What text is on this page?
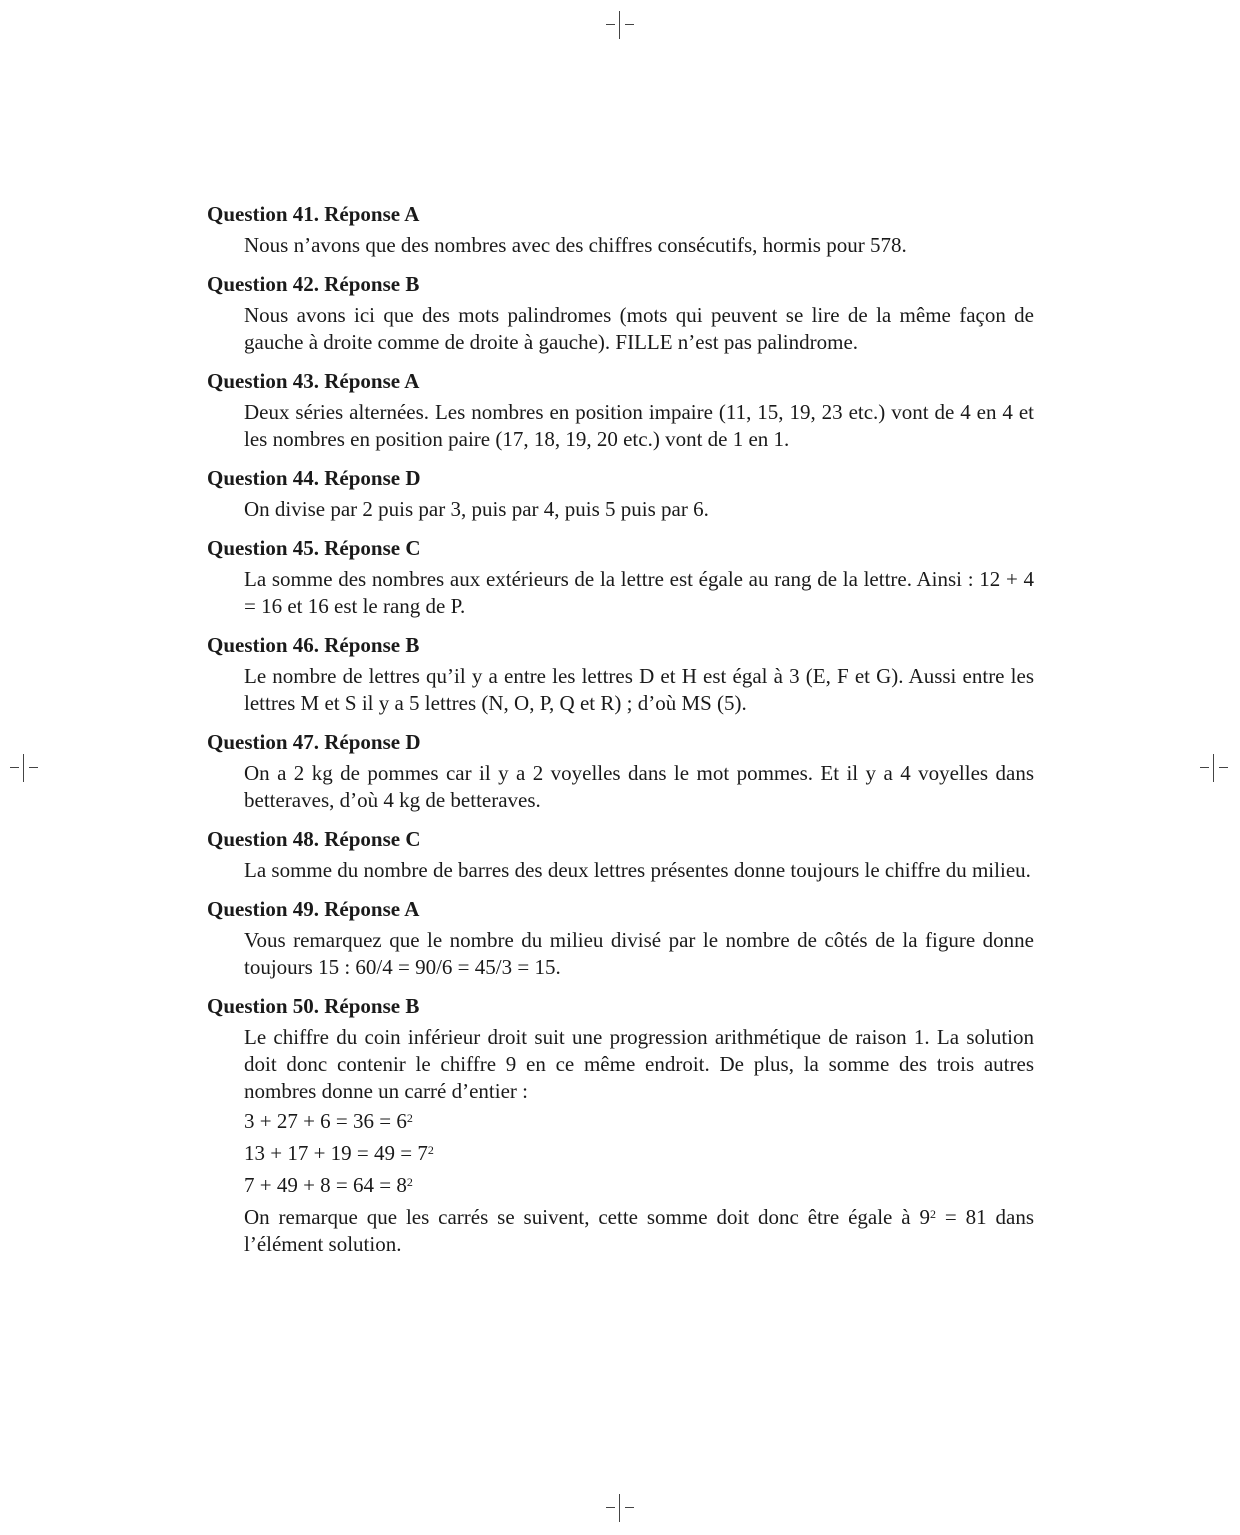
Question 41. Réponse A
Nous n’avons que des nombres avec des chiffres consécutifs, hormis pour 578.
Question 42. Réponse B
Nous avons ici que des mots palindromes (mots qui peuvent se lire de la même façon de gauche à droite comme de droite à gauche). FILLE n’est pas palindrome.
Question 43. Réponse A
Deux séries alternées. Les nombres en position impaire (11, 15, 19, 23 etc.) vont de 4 en 4 et les nombres en position paire (17, 18, 19, 20 etc.) vont de 1 en 1.
Question 44. Réponse D
On divise par 2 puis par 3, puis par 4, puis 5 puis par 6.
Question 45. Réponse C
La somme des nombres aux extérieurs de la lettre est égale au rang de la lettre. Ainsi : 12 + 4 = 16 et 16 est le rang de P.
Question 46. Réponse B
Le nombre de lettres qu’il y a entre les lettres D et H est égal à 3 (E, F et G). Aussi entre les lettres M et S il y a 5 lettres (N, O, P, Q et R) ; d’où MS (5).
Question 47. Réponse D
On a 2 kg de pommes car il y a 2 voyelles dans le mot pommes. Et il y a 4 voyelles dans betteraves, d’où 4 kg de betteraves.
Question 48. Réponse C
La somme du nombre de barres des deux lettres présentes donne toujours le chiffre du milieu.
Question 49. Réponse A
Vous remarquez que le nombre du milieu divisé par le nombre de côtés de la figure donne toujours 15 : 60/4 = 90/6 = 45/3 = 15.
Question 50. Réponse B
Le chiffre du coin inférieur droit suit une progression arithmétique de raison 1. La solution doit donc contenir le chiffre 9 en ce même endroit. De plus, la somme des trois autres nombres donne un carré d’entier :
$3 + 27 + 6 = 36 = 6^2$
$13 + 17 + 19 = 49 = 7^2$
$7 + 49 + 8 = 64 = 8^2$
On remarque que les carrés se suivent, cette somme doit donc être égale à $9^2 = 81$ dans l’élément solution.
